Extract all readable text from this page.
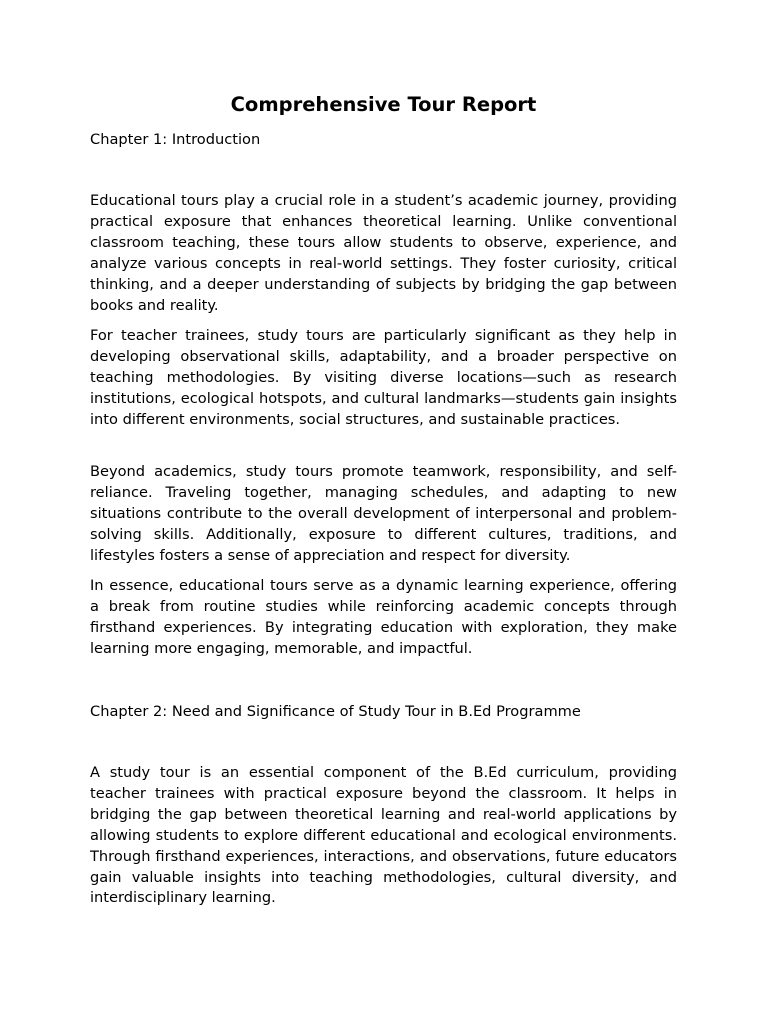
Comprehensive Tour Report

Chapter 1: Introduction

Educational tours play a crucial role in a student’s academic journey, providing practical exposure that enhances theoretical learning. Unlike conventional classroom teaching, these tours allow students to observe, experience, and analyze various concepts in real-world settings. They foster curiosity, critical thinking, and a deeper understanding of subjects by bridging the gap between books and reality.

For teacher trainees, study tours are particularly significant as they help in developing observational skills, adaptability, and a broader perspective on teaching methodologies. By visiting diverse locations—such as research institutions, ecological hotspots, and cultural landmarks—students gain insights into different environments, social structures, and sustainable practices.

Beyond academics, study tours promote teamwork, responsibility, and self-reliance. Traveling together, managing schedules, and adapting to new situations contribute to the overall development of interpersonal and problem-solving skills. Additionally, exposure to different cultures, traditions, and lifestyles fosters a sense of appreciation and respect for diversity.

In essence, educational tours serve as a dynamic learning experience, offering a break from routine studies while reinforcing academic concepts through firsthand experiences. By integrating education with exploration, they make learning more engaging, memorable, and impactful.

Chapter 2: Need and Significance of Study Tour in B.Ed Programme

A study tour is an essential component of the B.Ed curriculum, providing teacher trainees with practical exposure beyond the classroom. It helps in bridging the gap between theoretical learning and real-world applications by allowing students to explore different educational and ecological environments. Through firsthand experiences, interactions, and observations, future educators gain valuable insights into teaching methodologies, cultural diversity, and interdisciplinary learning.
